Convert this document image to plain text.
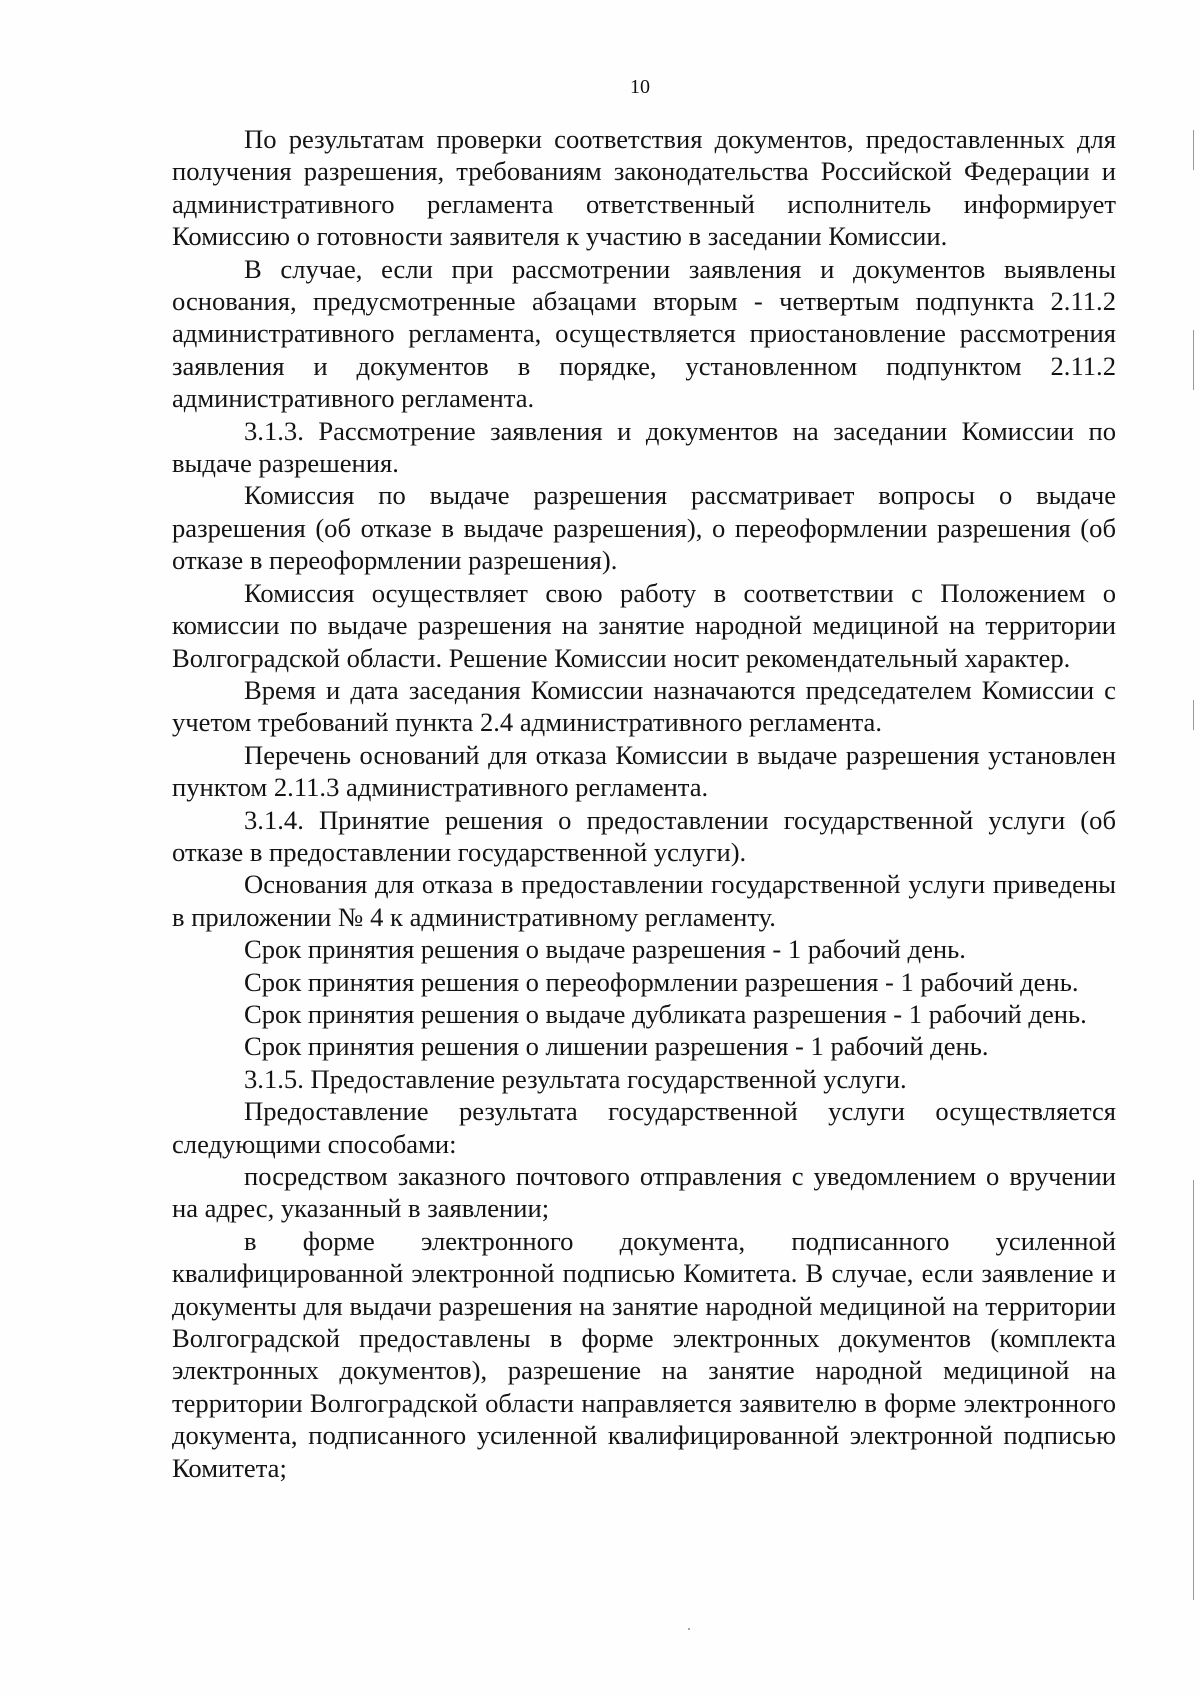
10

По результатам проверки соответствия документов, предоставленных для получения разрешения, требованиям законодательства Российской Федерации и административного регламента ответственный исполнитель информирует Комиссию о готовности заявителя к участию в заседании Комиссии.

В случае, если при рассмотрении заявления и документов выявлены основания, предусмотренные абзацами вторым - четвертым подпункта 2.11.2 административного регламента, осуществляется приостановление рассмотрения заявления и документов в порядке, установленном подпунктом 2.11.2 административного регламента.

3.1.3. Рассмотрение заявления и документов на заседании Комиссии по выдаче разрешения.

Комиссия по выдаче разрешения рассматривает вопросы о выдаче разрешения (об отказе в выдаче разрешения), о переоформлении разрешения (об отказе в переоформлении разрешения).

Комиссия осуществляет свою работу в соответствии с Положением о комиссии по выдаче разрешения на занятие народной медициной на территории Волгоградской области. Решение Комиссии носит рекомендательный характер.

Время и дата заседания Комиссии назначаются председателем Комиссии с учетом требований пункта 2.4 административного регламента.

Перечень оснований для отказа Комиссии в выдаче разрешения установлен пунктом 2.11.3 административного регламента.

3.1.4. Принятие решения о предоставлении государственной услуги (об отказе в предоставлении государственной услуги).

Основания для отказа в предоставлении государственной услуги приведены в приложении № 4 к административному регламенту.

Срок принятия решения о выдаче разрешения - 1 рабочий день.

Срок принятия решения о переоформлении разрешения - 1 рабочий день.

Срок принятия решения о выдаче дубликата разрешения - 1 рабочий день.

Срок принятия решения о лишении разрешения - 1 рабочий день.

3.1.5. Предоставление результата государственной услуги.

Предоставление результата государственной услуги осуществляется следующими способами:

посредством заказного почтового отправления с уведомлением о вручении на адрес, указанный в заявлении;

в форме электронного документа, подписанного усиленной квалифицированной электронной подписью Комитета. В случае, если заявление и документы для выдачи разрешения на занятие народной медициной на территории Волгоградской предоставлены в форме электронных документов (комплекта электронных документов), разрешение на занятие народной медициной на территории Волгоградской области направляется заявителю в форме электронного документа, подписанного усиленной квалифицированной электронной подписью Комитета;
